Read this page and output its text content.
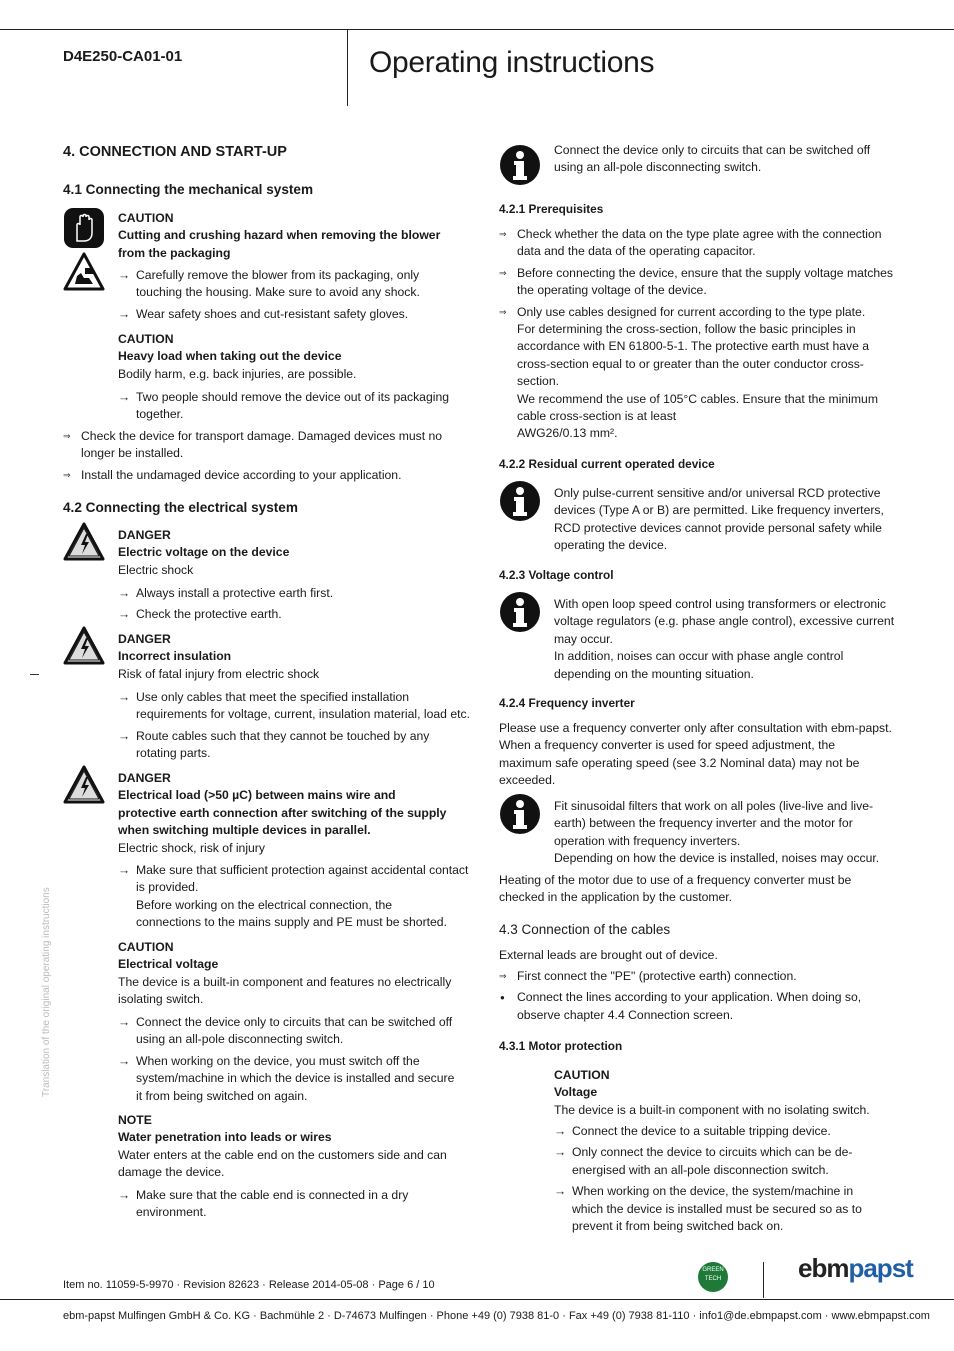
D4E250-CA01-01	Operating instructions
Translation of the original operating instructions
4. CONNECTION AND START-UP
4.1 Connecting the mechanical system
CAUTION
Cutting and crushing hazard when removing the blower
from the packaging
→ Carefully remove the blower from its packaging, only
touching the housing. Make sure to avoid any shock.
→ Wear safety shoes and cut-resistant safety gloves.
CAUTION
Heavy load when taking out the device
Bodily harm, e.g. back injuries, are possible.
→ Two people should remove the device out of its packaging
together.
⇒ Check the device for transport damage. Damaged devices must no
longer be installed.
⇒ Install the undamaged device according to your application.
4.2 Connecting the electrical system
DANGER
Electric voltage on the device
Electric shock
→ Always install a protective earth first.
→ Check the protective earth.
DANGER
Incorrect insulation
Risk of fatal injury from electric shock
→ Use only cables that meet the specified installation
requirements for voltage, current, insulation material, load etc.
→ Route cables such that they cannot be touched by any
rotating parts.
DANGER
Electrical load (>50 µC) between mains wire and
protective earth connection after switching of the supply
when switching multiple devices in parallel.
Electric shock, risk of injury
→ Make sure that sufficient protection against accidental contact
is provided.
Before working on the electrical connection, the
connections to the mains supply and PE must be shorted.
CAUTION
Electrical voltage
The device is a built-in component and features no electrically
isolating switch.
→ Connect the device only to circuits that can be switched off
using an all-pole disconnecting switch.
→ When working on the device, you must switch off the
system/machine in which the device is installed and secure
it from being switched on again.
NOTE
Water penetration into leads or wires
Water enters at the cable end on the customers side and can
damage the device.
→ Make sure that the cable end is connected in a dry
environment.
Connect the device only to circuits that can be switched off
using an all-pole disconnecting switch.
4.2.1 Prerequisites
⇒ Check whether the data on the type plate agree with the connection
data and the data of the operating capacitor.
⇒ Before connecting the device, ensure that the supply voltage matches
the operating voltage of the device.
⇒ Only use cables designed for current according to the type plate.
For determining the cross-section, follow the basic principles in
accordance with EN 61800-5-1. The protective earth must have a
cross-section equal to or greater than the outer conductor cross-
section.
We recommend the use of 105°C cables. Ensure that the minimum
cable cross-section is at least
AWG26/0.13 mm².
4.2.2 Residual current operated device
Only pulse-current sensitive and/or universal RCD protective
devices (Type A or B) are permitted. Like frequency inverters,
RCD protective devices cannot provide personal safety while
operating the device.
4.2.3 Voltage control
With open loop speed control using transformers or electronic
voltage regulators (e.g. phase angle control), excessive current
may occur.
In addition, noises can occur with phase angle control
depending on the mounting situation.
4.2.4 Frequency inverter
Please use a frequency converter only after consultation with ebm-papst.
When a frequency converter is used for speed adjustment, the
maximum safe operating speed (see 3.2 Nominal data) may not be
exceeded.
Fit sinusoidal filters that work on all poles (live-live and live-
earth) between the frequency inverter and the motor for
operation with frequency inverters.
Depending on how the device is installed, noises may occur.
Heating of the motor due to use of a frequency converter must be
checked in the application by the customer.
4.3 Connection of the cables
External leads are brought out of device.
⇒ First connect the "PE" (protective earth) connection.
● Connect the lines according to your application. When doing so,
observe chapter 4.4 Connection screen.
4.3.1 Motor protection
CAUTION
Voltage
The device is a built-in component with no isolating switch.
→ Connect the device to a suitable tripping device.
→ Only connect the device to circuits which can be de-
energised with an all-pole disconnection switch.
→ When working on the device, the system/machine in
which the device is installed must be secured so as to
prevent it from being switched back on.
Item no. 11059-5-9970 · Revision 82623 · Release 2014-05-08 · Page 6 / 10
GREEN TECH	ebmpapst
ebm-papst Mulfingen GmbH & Co. KG · Bachmühle 2 · D-74673 Mulfingen · Phone +49 (0) 7938 81-0 · Fax +49 (0) 7938 81-110 · info1@de.ebmpapst.com · www.ebmpapst.com
